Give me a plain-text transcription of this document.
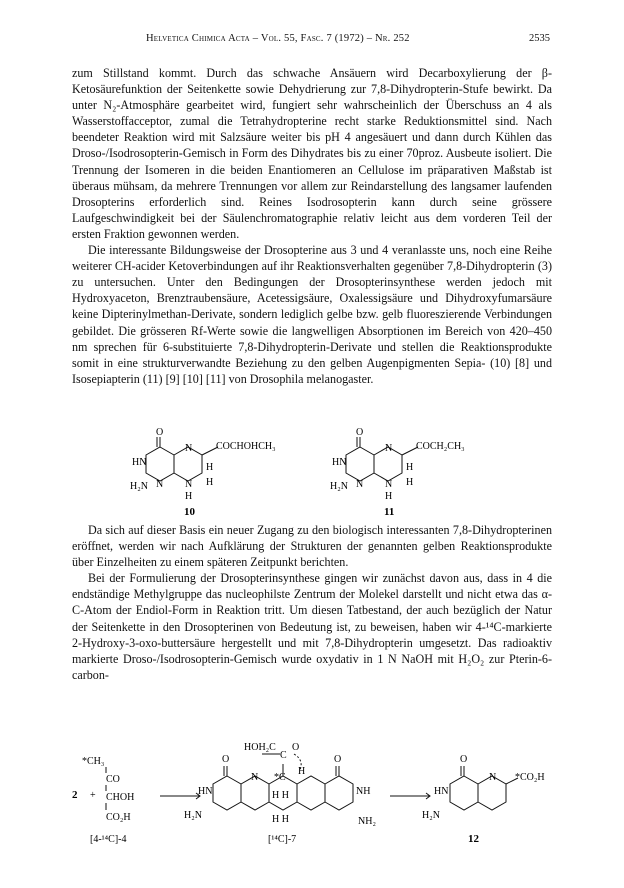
Helvetica Chimica Acta – Vol. 55, Fasc. 7 (1972) – Nr. 252	2535

zum Stillstand kommt. Durch das schwache Ansäuern wird Decarboxylierung der β-Ketosäurefunktion der Seitenkette sowie Dehydrierung zur 7,8-Dihydropterin-Stufe bewirkt. Da unter N₂-Atmosphäre gearbeitet wird, fungiert sehr wahrscheinlich der Überschuss an 4 als Wasserstoffacceptor, zumal die Tetrahydropterine recht starke Reduktionsmittel sind. Nach beendeter Reaktion wird mit Salzsäure weiter bis pH 4 angesäuert und dann durch Kühlen das Droso-/Isodrosopterin-Gemisch in Form des Dihydrates bis zu einer 70proz. Ausbeute isoliert. Die Trennung der Isomeren in die beiden Enantiomeren an Cellulose im präparativen Maßstab ist überaus mühsam, da mehrere Trennungen vor allem zur Reindarstellung des langsamer laufenden Drosopterins erforderlich sind. Reines Isodrosopterin kann durch seine grössere Laufgeschwindigkeit bei der Säulenchromatographie relativ leicht aus dem vorderen Teil der ersten Fraktion gewonnen werden.

Die interessante Bildungsweise der Drosopterine aus 3 und 4 veranlasste uns, noch eine Reihe weiterer CH-acider Ketoverbindungen auf ihr Reaktionsverhalten gegenüber 7,8-Dihydropterin (3) zu untersuchen. Unter den Bedingungen der Drosopterinsynthese werden jedoch mit Hydroxyaceton, Brenztraubensäure, Acetessigsäure, Oxalessigsäure und Dihydroxyfumarsäure keine Dipterinylmethan-Derivate, sondern lediglich gelbe bzw. gelb fluoreszierende Verbindungen gebildet. Die grösseren Rf-Werte sowie die langwelligen Absorptionen im Bereich von 420–450 nm sprechen für 6-substituierte 7,8-Dihydropterin-Derivate und stellen die Reaktionsprodukte somit in eine strukturverwandte Beziehung zu den gelben Augenpigmenten Sepia- (10) [8] und Isosepiapterin (11) [9] [10] [11] von Drosophila melanogaster.

O
HN
N COCHOHCH₃
H
H
H₂N N N
H
10
O
HN
N COCH₂CH₃
H
H
H₂N N N
H
11

Da sich auf dieser Basis ein neuer Zugang zu den biologisch interessanten 7,8-Dihydropterinen eröffnet, werden wir nach Aufklärung der Strukturen der genannten gelben Reaktionsprodukte über Einzelheiten zu einem späteren Zeitpunkt berichten.

Bei der Formulierung der Drosopterinsynthese gingen wir zunächst davon aus, dass in 4 die endständige Methylgruppe das nucleophilste Zentrum der Molekel darstellt und nicht etwa das α-C-Atom der Endiol-Form in Reaktion tritt. Um diesen Tatbestand, der auch bezüglich der Natur der Seitenkette in den Drosopterinen von Bedeutung ist, zu beweisen, haben wir 4-¹⁴C-markierte 2-Hydroxy-3-oxo-buttersäure hergestellt und mit 7,8-Dihydropterin umgesetzt. Das radioaktiv markierte Droso-/Isodrosopterin-Gemisch wurde oxydativ in 1 N NaOH mit H₂O₂ zur Pterin-6-carbon-

*CH₃
2 +
CO
CHOH
CO₂H
[4-¹⁴C]-4
HOH₂C
C
O
*C
H
O	O
HN	NH
H₂N
NH₂
N
H H
H H
[¹⁴C]-7
O
HN
N *CO₂H
H₂N
12
